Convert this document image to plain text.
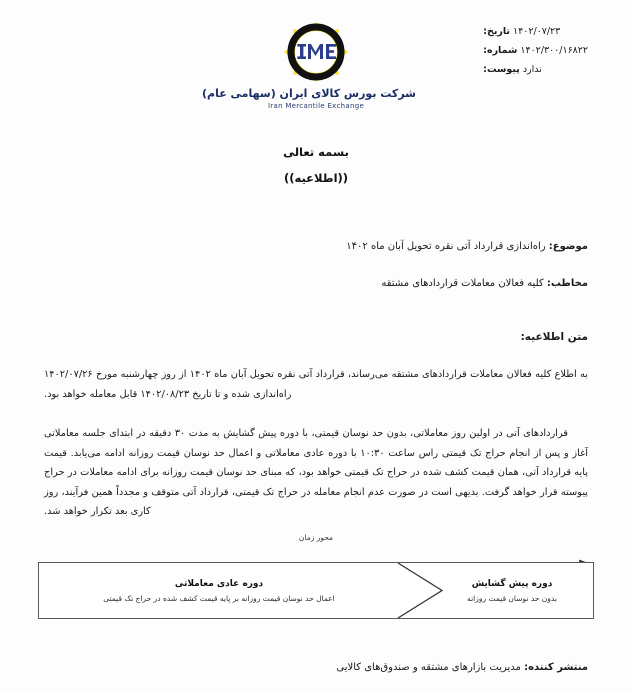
۱۴۰۲/۰۷/۲۳ تاریخ:
۱۴۰۲/۳۰۰/۱۶۸۲۲ شماره:
ندارد پیوست:
شرکت بورس کالای ایران (سهامی عام)
Iran Mercantile Exchange
بسمه تعالی
((اطلاعیه))
موضوع: راه‌اندازی قرارداد آتی نقره تحویل آبان ماه ۱۴۰۲
مخاطب: کلیه فعالان معاملات قراردادهای مشتقه
متن اطلاعیه:
به اطلاع کلیه فعالان معاملات قراردادهای مشتقه می‌رساند، قرارداد آتی نقره تحویل آبان ماه ۱۴۰۲ از روز چهارشنبه مورخ ۱۴۰۲/۰۷/۲۶ راه‌اندازی شده و تا تاریخ ۱۴۰۲/۰۸/۲۳ قابل معامله خواهد بود.
قراردادهای آتی در اولین روز معاملاتی، بدون حد نوسان قیمتی، با دوره پیش گشایش به مدت ۳۰ دقیقه در ابتدای جلسه معاملاتی آغاز و پس از انجام حراج تک قیمتی راس ساعت ۱۰:۳۰ با دوره عادی معاملاتی و اعمال حد نوسان قیمت روزانه ادامه می‌یابد. قیمت پایه قرارداد آتی، همان قیمت کشف شده در حراج تک قیمتی خواهد بود، که مبنای حد نوسان قیمت روزانه برای ادامه معاملات در حراج پیوسته قرار خواهد گرفت. بدیهی است در صورت عدم انجام معامله در حراج تک قیمتی، قرارداد آتی متوقف و مجدداً همین فرآیند، روز کاری بعد تکرار خواهد شد.
محور زمان
دوره پیش گشایش
بدون حد نوسان قیمت روزانه
دوره عادی معاملاتی
اعمال حد نوسان قیمت روزانه بر پایه قیمت کشف شده در حراج تک قیمتی
منتشر کننده: مدیریت بازارهای مشتقه و صندوق‌های کالایی
